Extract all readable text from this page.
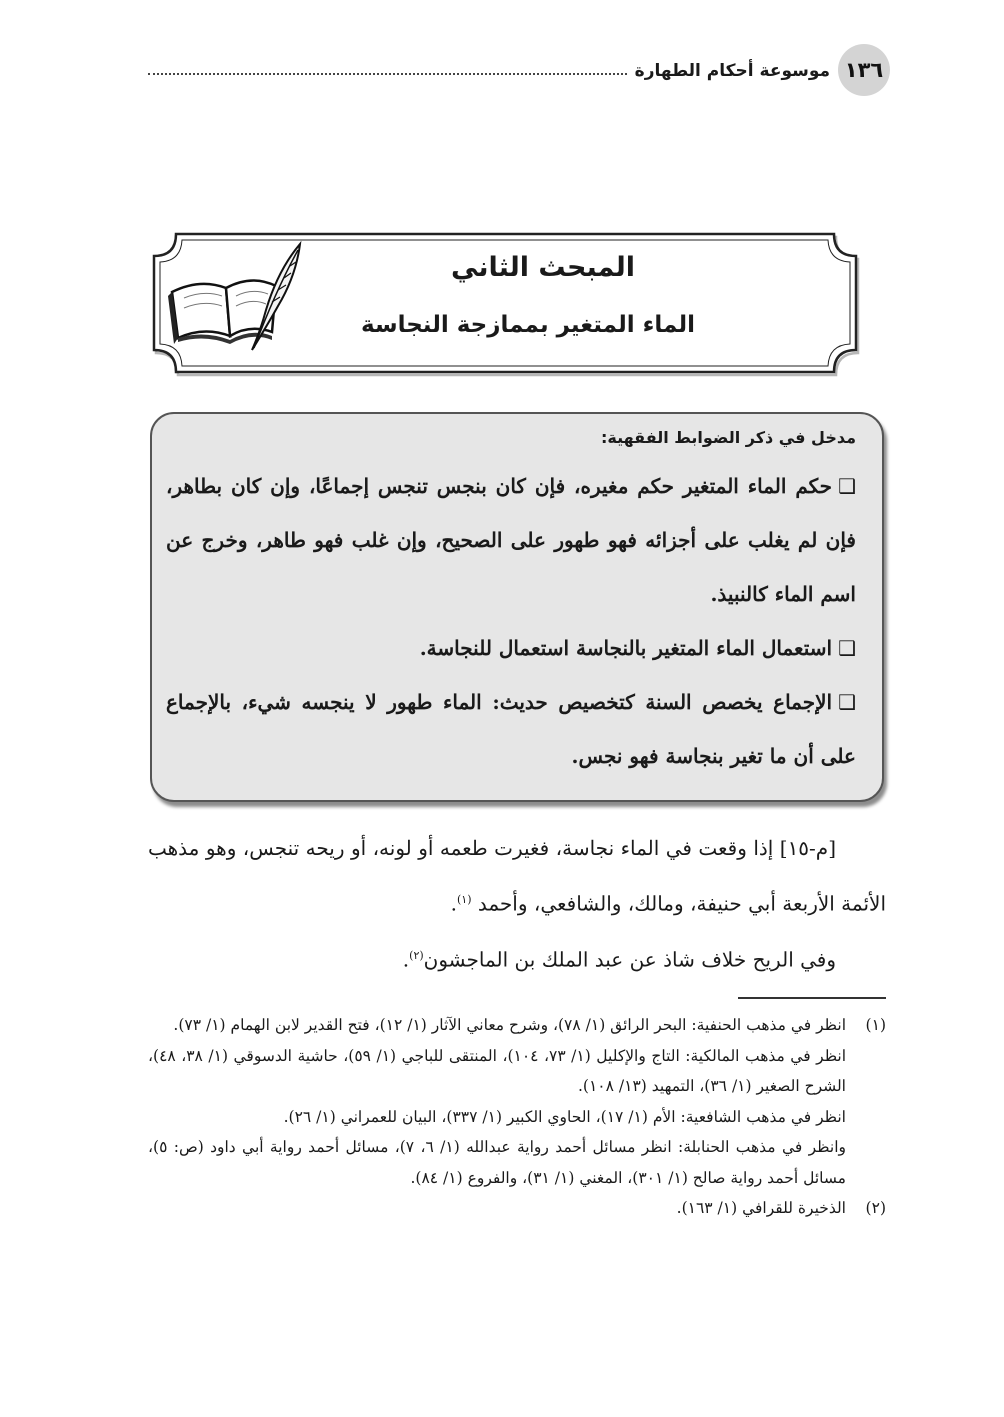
١٣٦
موسوعة أحكام الطهارة
المبحث الثاني
الماء المتغير بممازجة النجاسة

مدخل في ذكر الضوابط الفقهية:

❑حكم الماء المتغير حكم مغيره، فإن كان بنجس تنجس إجماعًا، وإن كان بطاهر، فإن لم يغلب على أجزائه فهو طهور على الصحيح، وإن غلب فهو طاهر، وخرج عن اسم الماء كالنبيذ.

❑استعمال الماء المتغير بالنجاسة استعمال للنجاسة.

❑الإجماع يخصص السنة كتخصيص حديث: الماء طهور لا ينجسه شيء، بالإجماع على أن ما تغير بنجاسة فهو نجس.

[م-١٥] إذا وقعت في الماء نجاسة، فغيرت طعمه أو لونه، أو ريحه تنجس، وهو مذهب الأئمة الأربعة أبي حنيفة، ومالك، والشافعي، وأحمد $^{(١)}$.

وفي الريح خلاف شاذ عن عبد الملك بن الماجشون$^{(٢)}$.

(١)

انظر في مذهب الحنفية: البحر الرائق (١/ ٧٨)، وشرح معاني الآثار (١/ ١٢)، فتح القدير لابن الهمام (١/ ٧٣).

انظر في مذهب المالكية: التاج والإكليل (١/ ٧٣، ١٠٤)، المنتقى للباجي (١/ ٥٩)، حاشية الدسوقي (١/ ٣٨، ٤٨)، الشرح الصغير (١/ ٣٦)، التمهيد (١٣/ ١٠٨).

انظر في مذهب الشافعية: الأم (١/ ١٧)، الحاوي الكبير (١/ ٣٣٧)، البيان للعمراني (١/ ٢٦).

وانظر في مذهب الحنابلة: انظر مسائل أحمد رواية عبدالله (١/ ٦، ٧)، مسائل أحمد رواية أبي داود (ص: ٥)، مسائل أحمد رواية صالح (١/ ٣٠١)، المغني (١/ ٣١)، والفروع (١/ ٨٤).

(٢)

الذخيرة للقرافي (١/ ١٦٣).
